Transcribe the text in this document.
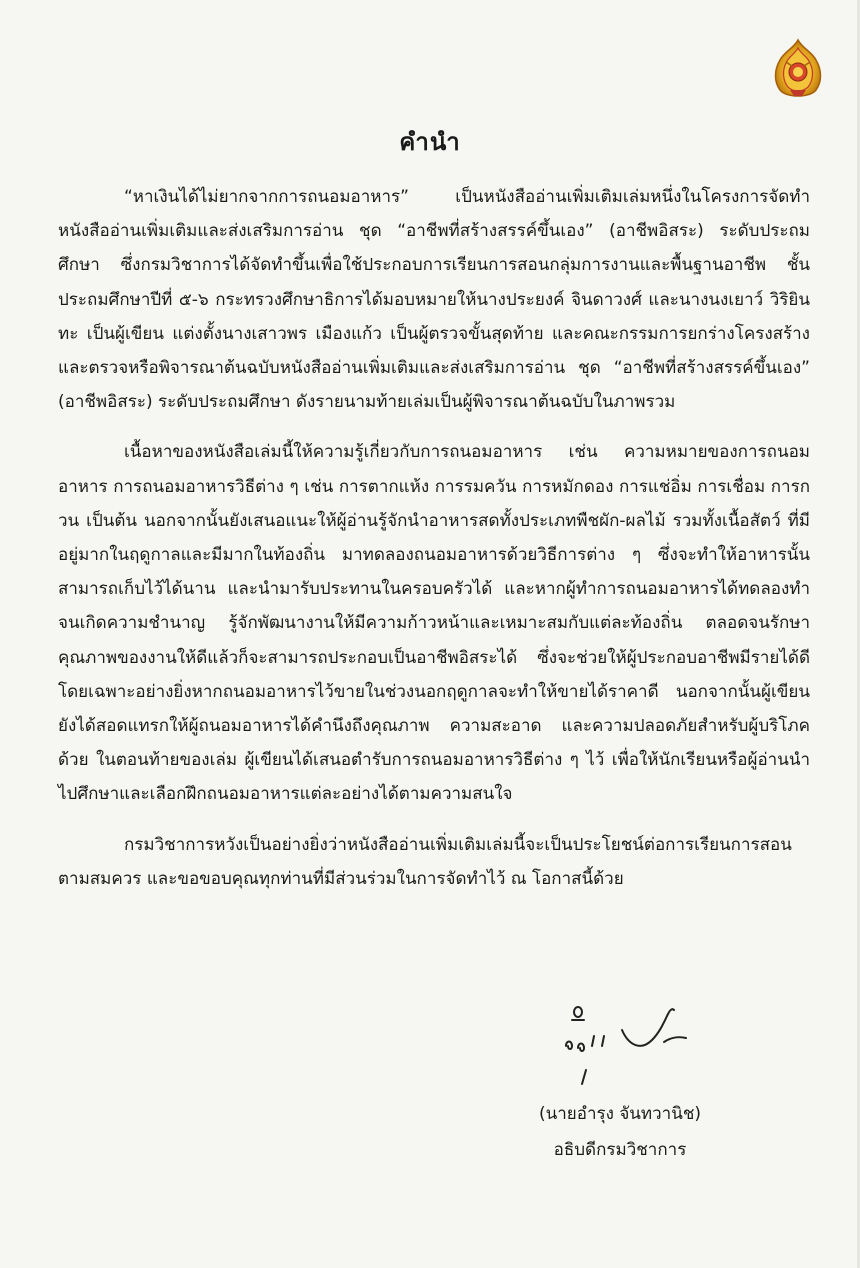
คำนำ

“หาเงินได้ไม่ยากจากการถนอมอาหาร” เป็นหนังสืออ่านเพิ่มเติมเล่มหนึ่งในโครงการจัดทำหนังสืออ่านเพิ่มเติมและส่งเสริมการอ่าน ชุด “อาชีพที่สร้างสรรค์ขึ้นเอง” (อาชีพอิสระ) ระดับประถมศึกษา ซึ่งกรมวิชาการได้จัดทำขึ้นเพื่อใช้ประกอบการเรียนการสอนกลุ่มการงานและพื้นฐานอาชีพ ชั้นประถมศึกษาปีที่ ๕-๖ กระทรวงศึกษาธิการได้มอบหมายให้นางประยงค์ จินดาวงศ์ และนางนงเยาว์ วิริยินทะ เป็นผู้เขียน แต่งตั้งนางเสาวพร เมืองแก้ว เป็นผู้ตรวจขั้นสุดท้าย และคณะกรรมการยกร่างโครงสร้างและตรวจหรือพิจารณาต้นฉบับหนังสืออ่านเพิ่มเติมและส่งเสริมการอ่าน ชุด “อาชีพที่สร้างสรรค์ขึ้นเอง” (อาชีพอิสระ) ระดับประถมศึกษา ดังรายนามท้ายเล่มเป็นผู้พิจารณาต้นฉบับในภาพรวม

เนื้อหาของหนังสือเล่มนี้ให้ความรู้เกี่ยวกับการถนอมอาหาร เช่น ความหมายของการถนอมอาหาร การถนอมอาหารวิธีต่าง ๆ เช่น การตากแห้ง การรมควัน การหมักดอง การแช่อิ่ม การเชื่อม การกวน เป็นต้น นอกจากนั้นยังเสนอแนะให้ผู้อ่านรู้จักนำอาหารสดทั้งประเภทพืชผัก-ผลไม้ รวมทั้งเนื้อสัตว์ ที่มีอยู่มากในฤดูกาลและมีมากในท้องถิ่น มาทดลองถนอมอาหารด้วยวิธีการต่าง ๆ ซึ่งจะทำให้อาหารนั้นสามารถเก็บไว้ได้นาน และนำมารับประทานในครอบครัวได้ และหากผู้ทำการถนอมอาหารได้ทดลองทำจนเกิดความชำนาญ รู้จักพัฒนางานให้มีความก้าวหน้าและเหมาะสมกับแต่ละท้องถิ่น ตลอดจนรักษาคุณภาพของงานให้ดีแล้วก็จะสามารถประกอบเป็นอาชีพอิสระได้ ซึ่งจะช่วยให้ผู้ประกอบอาชีพมีรายได้ดี โดยเฉพาะอย่างยิ่งหากถนอมอาหารไว้ขายในช่วงนอกฤดูกาลจะทำให้ขายได้ราคาดี นอกจากนั้นผู้เขียนยังได้สอดแทรกให้ผู้ถนอมอาหารได้คำนึงถึงคุณภาพ ความสะอาด และความปลอดภัยสำหรับผู้บริโภคด้วย ในตอนท้ายของเล่ม ผู้เขียนได้เสนอตำรับการถนอมอาหารวิธีต่าง ๆ ไว้ เพื่อให้นักเรียนหรือผู้อ่านนำไปศึกษาและเลือกฝึกถนอมอาหารแต่ละอย่างได้ตามความสนใจ

กรมวิชาการหวังเป็นอย่างยิ่งว่าหนังสืออ่านเพิ่มเติมเล่มนี้จะเป็นประโยชน์ต่อการเรียนการสอนตามสมควร และขอขอบคุณทุกท่านที่มีส่วนร่วมในการจัดทำไว้ ณ โอกาสนี้ด้วย

(นายอำรุง จันทวานิช)
อธิบดีกรมวิชาการ
